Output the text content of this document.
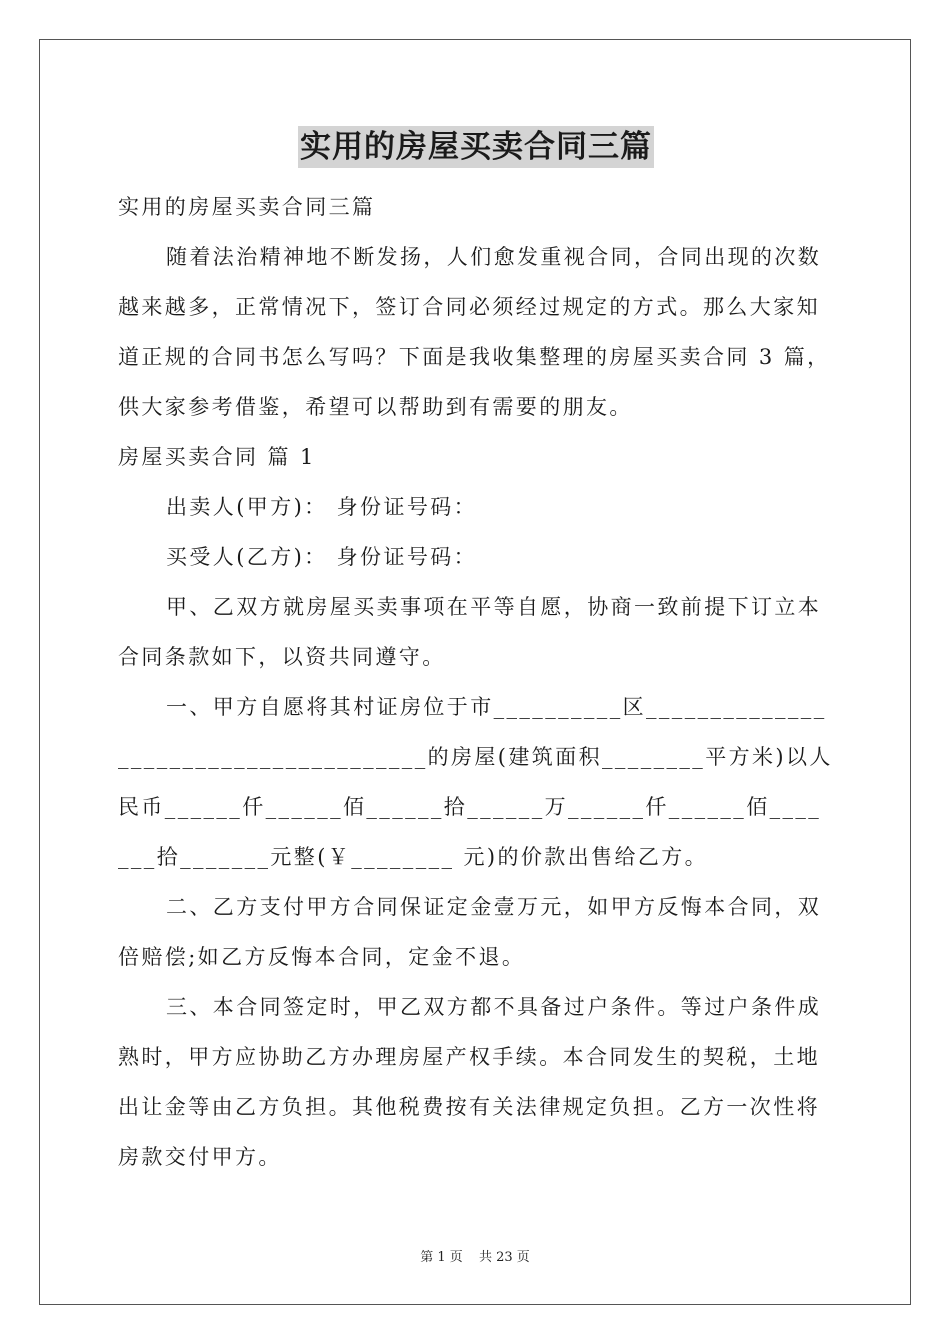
实用的房屋买卖合同三篇

实用的房屋买卖合同三篇

随着法治精神地不断发扬，人们愈发重视合同，合同出现的次数越来越多，正常情况下，签订合同必须经过规定的方式。那么大家知道正规的合同书怎么写吗？下面是我收集整理的房屋买卖合同 3 篇，供大家参考借鉴，希望可以帮助到有需要的朋友。

房屋买卖合同 篇 1

出卖人(甲方)： 身份证号码：

买受人(乙方)： 身份证号码：

甲、乙双方就房屋买卖事项在平等自愿，协商一致前提下订立本合同条款如下，以资共同遵守。

一、甲方自愿将其村证房位于市__________区______________________________________的房屋(建筑面积________平方米)以人民币______仟______佰______拾______万______仟______佰_______拾_______元整(￥________ 元)的价款出售给乙方。

二、乙方支付甲方合同保证定金壹万元，如甲方反悔本合同，双倍赔偿;如乙方反悔本合同，定金不退。

三、本合同签定时，甲乙双方都不具备过户条件。等过户条件成熟时，甲方应协助乙方办理房屋产权手续。本合同发生的契税，土地出让金等由乙方负担。其他税费按有关法律规定负担。乙方一次性将房款交付甲方。

第 1 页 共 23 页
